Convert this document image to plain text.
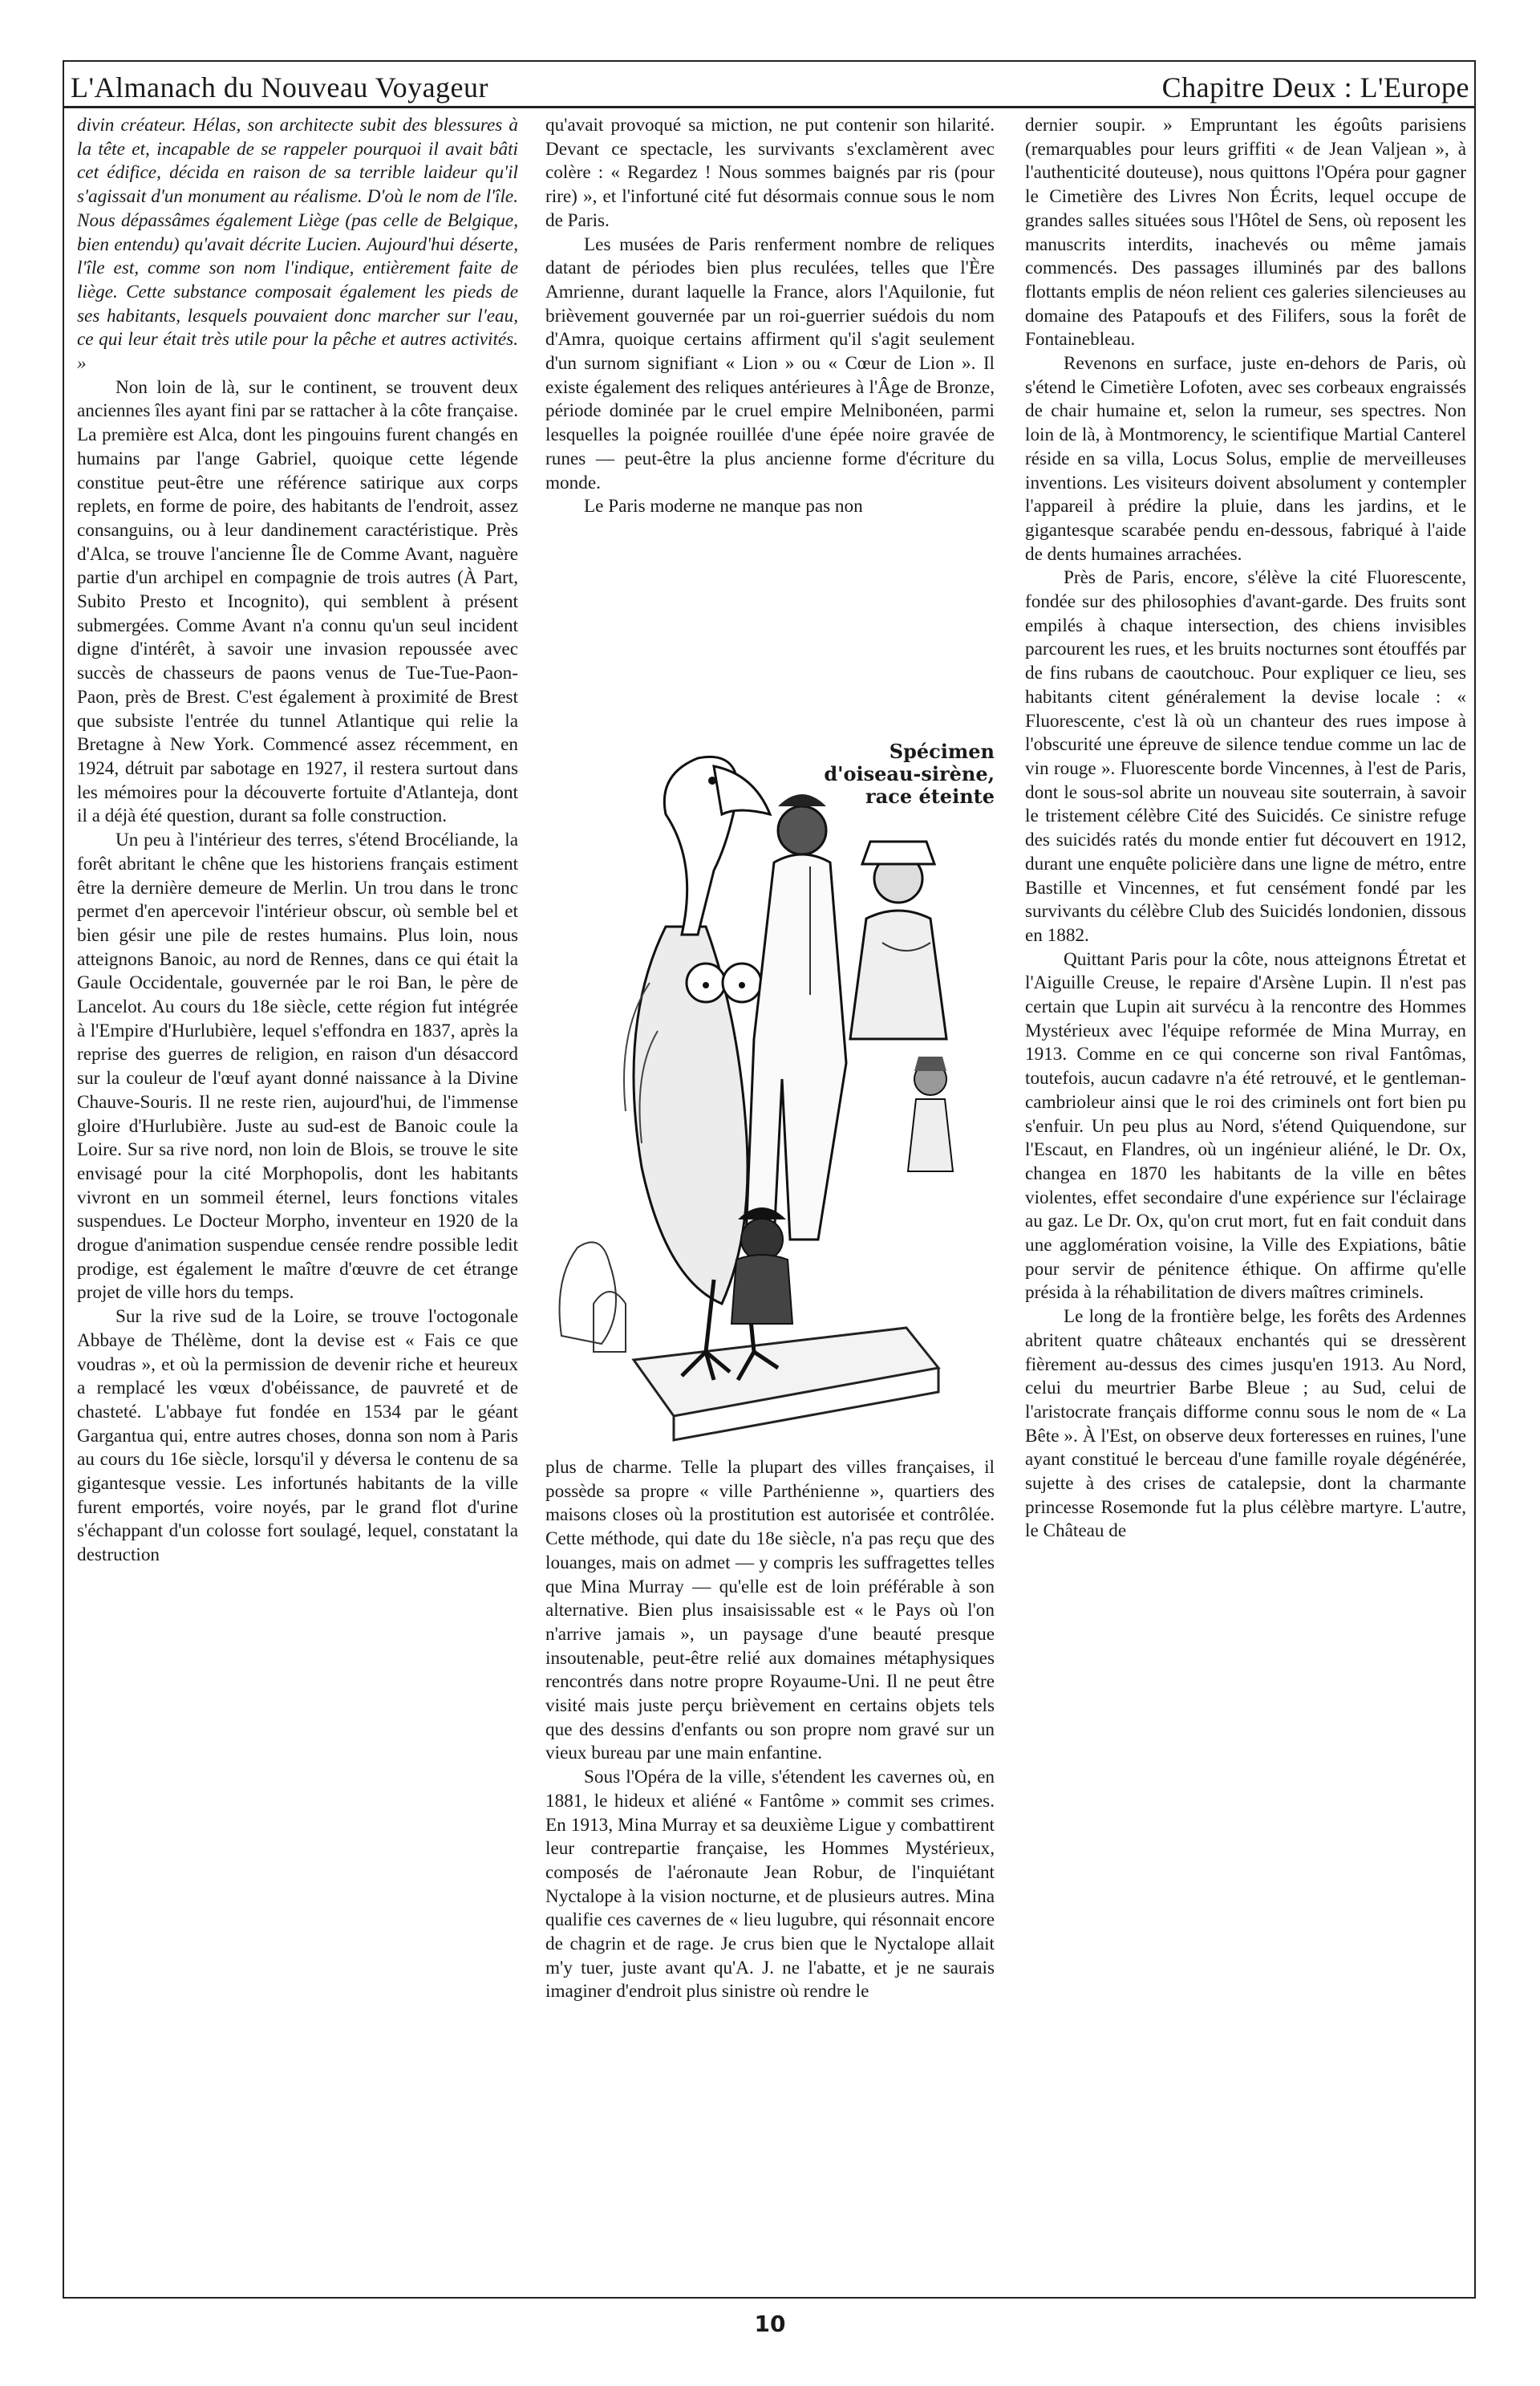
L'Almanach du Nouveau Voyageur	Chapitre Deux : L'Europe

divin créateur. Hélas, son architecte subit des blessures à la tête et, incapable de se rappeler pourquoi il avait bâti cet édifice, décida en raison de sa terrible laideur qu'il s'agissait d'un monument au réalisme. D'où le nom de l'île. Nous dépassâmes également Liège (pas celle de Belgique, bien entendu) qu'avait décrite Lucien. Aujourd'hui déserte, l'île est, comme son nom l'indique, entièrement faite de liège. Cette substance composait également les pieds de ses habitants, lesquels pouvaient donc marcher sur l'eau, ce qui leur était très utile pour la pêche et autres activités. »

Non loin de là, sur le continent, se trouvent deux anciennes îles ayant fini par se rattacher à la côte française. La première est Alca, dont les pingouins furent changés en humains par l'ange Gabriel, quoique cette légende constitue peut-être une référence satirique aux corps replets, en forme de poire, des habitants de l'endroit, assez consanguins, ou à leur dandinement caractéristique. Près d'Alca, se trouve l'ancienne Île de Comme Avant, naguère partie d'un archipel en compagnie de trois autres (À Part, Subito Presto et Incognito), qui semblent à présent submergées. Comme Avant n'a connu qu'un seul incident digne d'intérêt, à savoir une invasion repoussée avec succès de chasseurs de paons venus de Tue-Tue-Paon-Paon, près de Brest. C'est également à proximité de Brest que subsiste l'entrée du tunnel Atlantique qui relie la Bretagne à New York. Commencé assez récemment, en 1924, détruit par sabotage en 1927, il restera surtout dans les mémoires pour la découverte fortuite d'Atlanteja, dont il a déjà été question, durant sa folle construction.

Un peu à l'intérieur des terres, s'étend Brocéliande, la forêt abritant le chêne que les historiens français estiment être la dernière demeure de Merlin. Un trou dans le tronc permet d'en apercevoir l'intérieur obscur, où semble bel et bien gésir une pile de restes humains. Plus loin, nous atteignons Banoic, au nord de Rennes, dans ce qui était la Gaule Occidentale, gouvernée par le roi Ban, le père de Lancelot. Au cours du 18e siècle, cette région fut intégrée à l'Empire d'Hurlubière, lequel s'effondra en 1837, après la reprise des guerres de religion, en raison d'un désaccord sur la couleur de l'œuf ayant donné naissance à la Divine Chauve-Souris. Il ne reste rien, aujourd'hui, de l'immense gloire d'Hurlubière. Juste au sud-est de Banoic coule la Loire. Sur sa rive nord, non loin de Blois, se trouve le site envisagé pour la cité Morphopolis, dont les habitants vivront en un sommeil éternel, leurs fonctions vitales suspendues. Le Docteur Morpho, inventeur en 1920 de la drogue d'animation suspendue censée rendre possible ledit prodige, est également le maître d'œuvre de cet étrange projet de ville hors du temps.

Sur la rive sud de la Loire, se trouve l'octogonale Abbaye de Thélème, dont la devise est « Fais ce que voudras », et où la permission de devenir riche et heureux a remplacé les vœux d'obéissance, de pauvreté et de chasteté. L'abbaye fut fondée en 1534 par le géant Gargantua qui, entre autres choses, donna son nom à Paris au cours du 16e siècle, lorsqu'il y déversa le contenu de sa gigantesque vessie. Les infortunés habitants de la ville furent emportés, voire noyés, par le grand flot d'urine s'échappant d'un colosse fort soulagé, lequel, constatant la destruction

qu'avait provoqué sa miction, ne put contenir son hilarité. Devant ce spectacle, les survivants s'exclamèrent avec colère : « Regardez ! Nous sommes baignés par ris (pour rire) », et l'infortuné cité fut désormais connue sous le nom de Paris.

Les musées de Paris renferment nombre de reliques datant de périodes bien plus reculées, telles que l'Ère Amrienne, durant laquelle la France, alors l'Aquilonie, fut brièvement gouvernée par un roi-guerrier suédois du nom d'Amra, quoique certains affirment qu'il s'agit seulement d'un surnom signifiant « Lion » ou « Cœur de Lion ». Il existe également des reliques antérieures à l'Âge de Bronze, période dominée par le cruel empire Melnibonéen, parmi lesquelles la poignée rouillée d'une épée noire gravée de runes — peut-être la plus ancienne forme d'écriture du monde.

Le Paris moderne ne manque pas non

Spécimen
d'oiseau-sirène,
race éteinte

plus de charme. Telle la plupart des villes françaises, il possède sa propre « ville Parthénienne », quartiers des maisons closes où la prostitution est autorisée et contrôlée. Cette méthode, qui date du 18e siècle, n'a pas reçu que des louanges, mais on admet — y compris les suffragettes telles que Mina Murray — qu'elle est de loin préférable à son alternative. Bien plus insaisissable est « le Pays où l'on n'arrive jamais », un paysage d'une beauté presque insoutenable, peut-être relié aux domaines métaphysiques rencontrés dans notre propre Royaume-Uni. Il ne peut être visité mais juste perçu brièvement en certains objets tels que des dessins d'enfants ou son propre nom gravé sur un vieux bureau par une main enfantine.

Sous l'Opéra de la ville, s'étendent les cavernes où, en 1881, le hideux et aliéné « Fantôme » commit ses crimes. En 1913, Mina Murray et sa deuxième Ligue y combattirent leur contrepartie française, les Hommes Mystérieux, composés de l'aéronaute Jean Robur, de l'inquiétant Nyctalope à la vision nocturne, et de plusieurs autres. Mina qualifie ces cavernes de « lieu lugubre, qui résonnait encore de chagrin et de rage. Je crus bien que le Nyctalope allait m'y tuer, juste avant qu'A. J. ne l'abatte, et je ne saurais imaginer d'endroit plus sinistre où rendre le

dernier soupir. » Empruntant les égoûts parisiens (remarquables pour leurs griffiti « de Jean Valjean », à l'authenticité douteuse), nous quittons l'Opéra pour gagner le Cimetière des Livres Non Écrits, lequel occupe de grandes salles situées sous l'Hôtel de Sens, où reposent les manuscrits interdits, inachevés ou même jamais commencés. Des passages illuminés par des ballons flottants emplis de néon relient ces galeries silencieuses au domaine des Patapoufs et des Filifers, sous la forêt de Fontainebleau.

Revenons en surface, juste en-dehors de Paris, où s'étend le Cimetière Lofoten, avec ses corbeaux engraissés de chair humaine et, selon la rumeur, ses spectres. Non loin de là, à Montmorency, le scientifique Martial Canterel réside en sa villa, Locus Solus, emplie de merveilleuses inventions. Les visiteurs doivent absolument y contempler l'appareil à prédire la pluie, dans les jardins, et le gigantesque scarabée pendu en-dessous, fabriqué à l'aide de dents humaines arrachées.

Près de Paris, encore, s'élève la cité Fluorescente, fondée sur des philosophies d'avant-garde. Des fruits sont empilés à chaque intersection, des chiens invisibles parcourent les rues, et les bruits nocturnes sont étouffés par de fins rubans de caoutchouc. Pour expliquer ce lieu, ses habitants citent généralement la devise locale : « Fluorescente, c'est là où un chanteur des rues impose à l'obscurité une épreuve de silence tendue comme un lac de vin rouge ». Fluorescente borde Vincennes, à l'est de Paris, dont le sous-sol abrite un nouveau site souterrain, à savoir le tristement célèbre Cité des Suicidés. Ce sinistre refuge des suicidés ratés du monde entier fut découvert en 1912, durant une enquête policière dans une ligne de métro, entre Bastille et Vincennes, et fut censément fondé par les survivants du célèbre Club des Suicidés londonien, dissous en 1882.

Quittant Paris pour la côte, nous atteignons Étretat et l'Aiguille Creuse, le repaire d'Arsène Lupin. Il n'est pas certain que Lupin ait survécu à la rencontre des Hommes Mystérieux avec l'équipe reformée de Mina Murray, en 1913. Comme en ce qui concerne son rival Fantômas, toutefois, aucun cadavre n'a été retrouvé, et le gentleman-cambrioleur ainsi que le roi des criminels ont fort bien pu s'enfuir. Un peu plus au Nord, s'étend Quiquendone, sur l'Escaut, en Flandres, où un ingénieur aliéné, le Dr. Ox, changea en 1870 les habitants de la ville en bêtes violentes, effet secondaire d'une expérience sur l'éclairage au gaz. Le Dr. Ox, qu'on crut mort, fut en fait conduit dans une agglomération voisine, la Ville des Expiations, bâtie pour servir de pénitence éthique. On affirme qu'elle présida à la réhabilitation de divers maîtres criminels.

Le long de la frontière belge, les forêts des Ardennes abritent quatre châteaux enchantés qui se dressèrent fièrement au-dessus des cimes jusqu'en 1913. Au Nord, celui du meurtrier Barbe Bleue ; au Sud, celui de l'aristocrate français difforme connu sous le nom de « La Bête ». À l'Est, on observe deux forteresses en ruines, l'une ayant constitué le berceau d'une famille royale dégénérée, sujette à des crises de catalepsie, dont la charmante princesse Rosemonde fut la plus célèbre martyre. L'autre, le Château de

10
